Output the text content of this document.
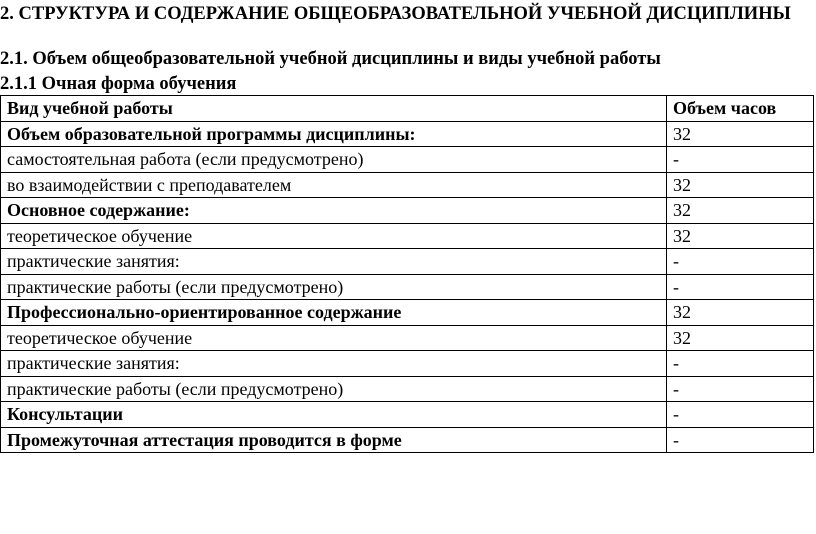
2. СТРУКТУРА И СОДЕРЖАНИЕ ОБЩЕОБРАЗОВАТЕЛЬНОЙ УЧЕБНОЙ ДИСЦИПЛИНЫ
2.1. Объем общеобразовательной учебной дисциплины и виды учебной работы
2.1.1 Очная форма обучения
Вид учебной работы	Объем часов
Объем образовательной программы дисциплины:	32
самостоятельная работа (если предусмотрено)	-
во взаимодействии с преподавателем	32
Основное содержание:	32
теоретическое обучение	32
практические занятия:	-
практические работы (если предусмотрено)	-
Профессионально-ориентированное содержание	32
теоретическое обучение	32
практические занятия:	-
практические работы (если предусмотрено)	-
Консультации	-
Промежуточная аттестация проводится в форме	-
